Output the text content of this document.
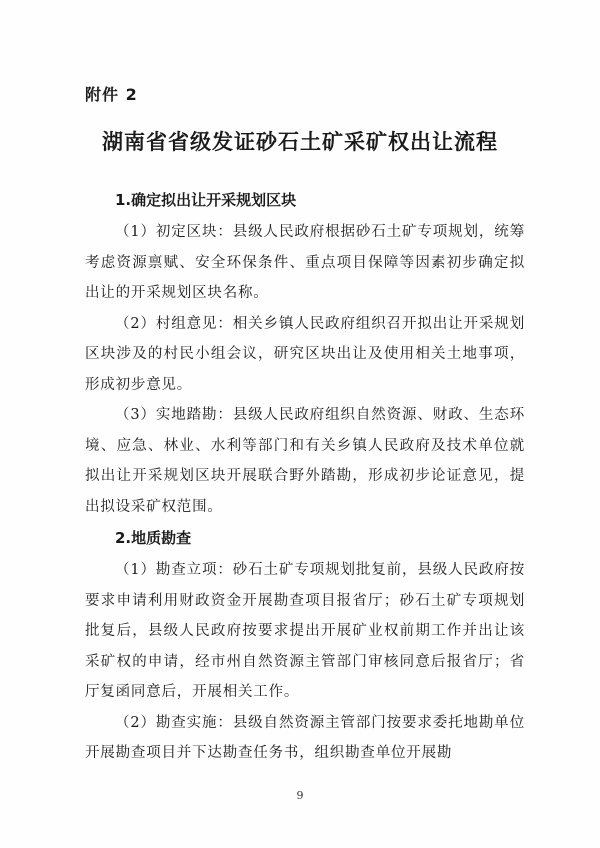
附件 2
湖南省省级发证砂石土矿采矿权出让流程

1.确定拟出让开采规划区块

（1）初定区块：县级人民政府根据砂石土矿专项规划，统筹考虑资源禀赋、安全环保条件、重点项目保障等因素初步确定拟出让的开采规划区块名称。

（2）村组意见：相关乡镇人民政府组织召开拟出让开采规划区块涉及的村民小组会议，研究区块出让及使用相关土地事项，形成初步意见。

（3）实地踏勘：县级人民政府组织自然资源、财政、生态环境、应急、林业、水利等部门和有关乡镇人民政府及技术单位就拟出让开采规划区块开展联合野外踏勘，形成初步论证意见，提出拟设采矿权范围。

2.地质勘查

（1）勘查立项：砂石土矿专项规划批复前，县级人民政府按要求申请利用财政资金开展勘查项目报省厅；砂石土矿专项规划批复后，县级人民政府按要求提出开展矿业权前期工作并出让该采矿权的申请，经市州自然资源主管部门审核同意后报省厅；省厅复函同意后，开展相关工作。

（2）勘查实施：县级自然资源主管部门按要求委托地勘单位开展勘查项目并下达勘查任务书，组织勘查单位开展勘

9
